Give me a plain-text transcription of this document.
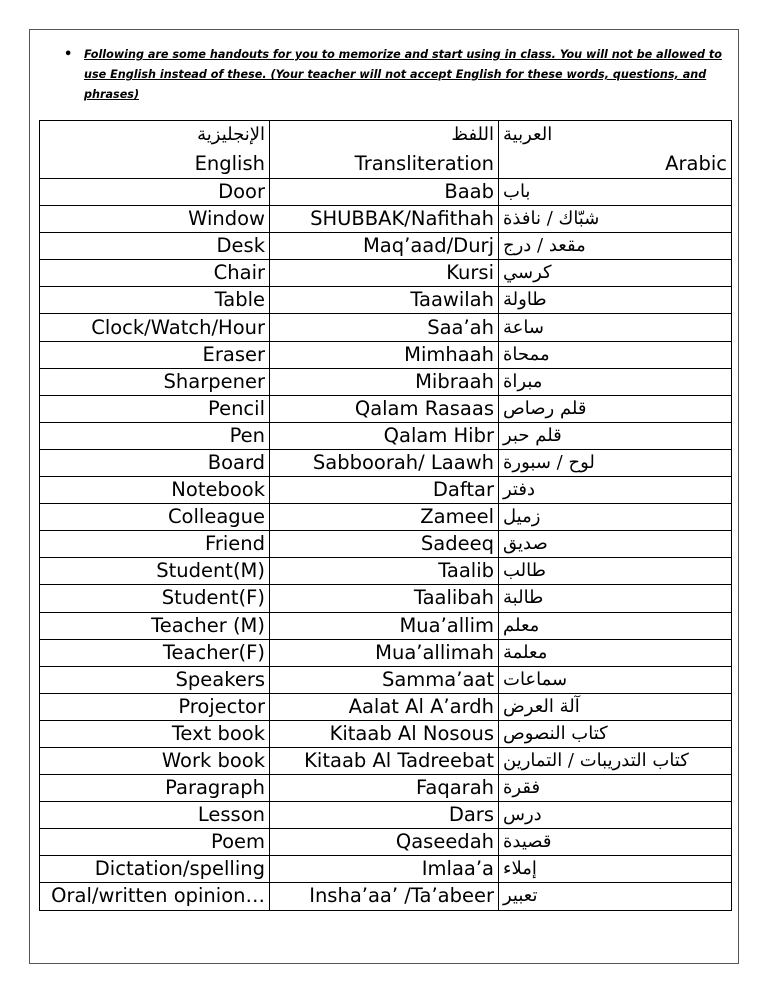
• Following are some handouts for you to memorize and start using in class. You will not be allowed to use English instead of these. (Your teacher will not accept English for these words, questions, and phrases)
الإنجليزية	اللفظ	العربية
English	Transliteration	Arabic
Door	Baab	باب
Window	SHUBBAK/Nafithah	شبّاك / نافذة
Desk	Maq’aad/Durj	مقعد / درج
Chair	Kursi	كرسي
Table	Taawilah	طاولة
Clock/Watch/Hour	Saa’ah	ساعة
Eraser	Mimhaah	ممحاة
Sharpener	Mibraah	مبراة
Pencil	Qalam Rasaas	قلم رصاص
Pen	Qalam Hibr	قلم حبر
Board	Sabboorah/ Laawh	لوح / سبورة
Notebook	Daftar	دفتر
Colleague	Zameel	زميل
Friend	Sadeeq	صديق
Student(M)	Taalib	طالب
Student(F)	Taalibah	طالبة
Teacher (M)	Mua’allim	معلم
Teacher(F)	Mua’allimah	معلمة
Speakers	Samma’aat	سماعات
Projector	Aalat Al A’ardh	آلة العرض
Text book	Kitaab Al Nosous	كتاب النصوص
Work book	Kitaab Al Tadreebat	كتاب التدريبات / التمارين
Paragraph	Faqarah	فقرة
Lesson	Dars	درس
Poem	Qaseedah	قصيدة
Dictation/spelling	Imlaa’a	إملاء
Oral/written opinion…	Insha’aa’ /Ta’abeer	تعبير
